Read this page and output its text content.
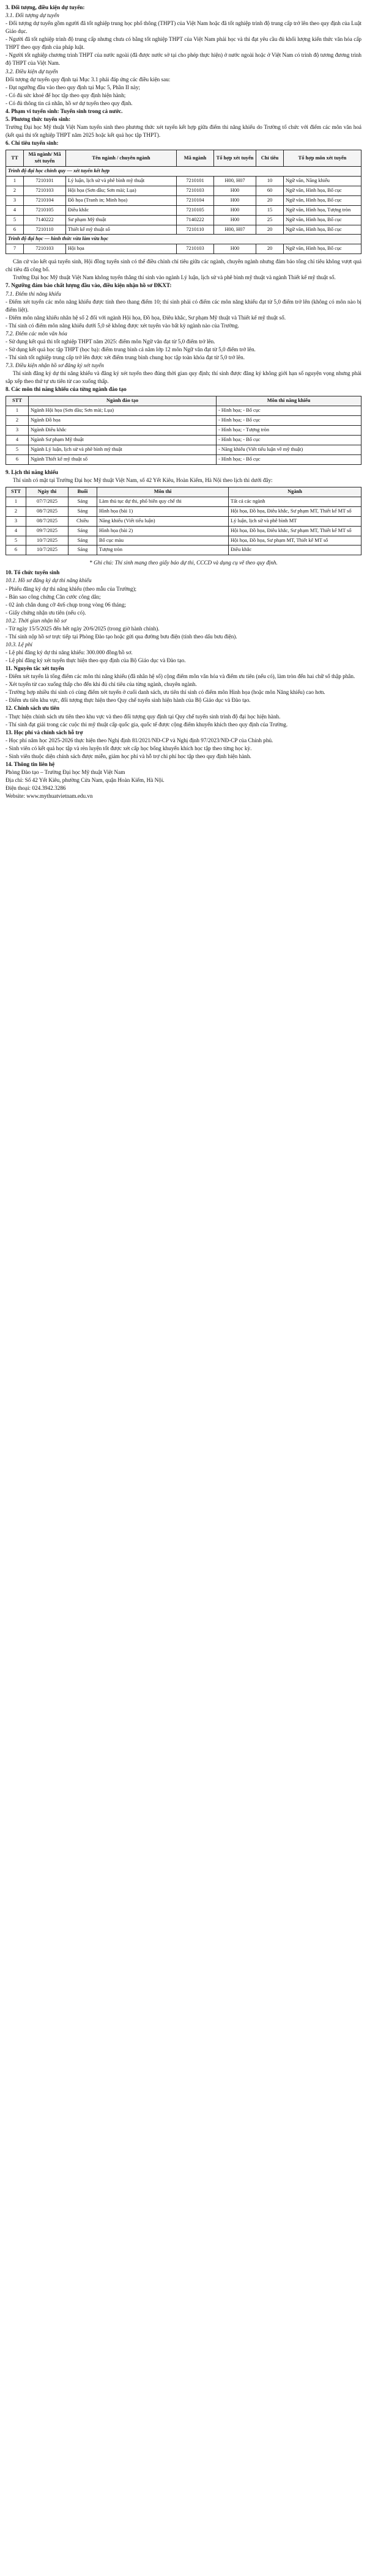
3. Đối tượng, điều kiện dự tuyển:

3.1. Đối tượng dự tuyển

- Đối tượng dự tuyển gồm người đã tốt nghiệp trung học phổ thông (THPT) của Việt Nam hoặc đã tốt nghiệp trình độ trung cấp trở lên theo quy định của Luật Giáo dục.

- Người đã tốt nghiệp trình độ trung cấp nhưng chưa có bằng tốt nghiệp THPT của Việt Nam phải học và thi đạt yêu cầu đủ khối lượng kiến thức văn hóa cấp THPT theo quy định của pháp luật.

- Người tốt nghiệp chương trình THPT của nước ngoài (đã được nước sở tại cho phép thực hiện) ở nước ngoài hoặc ở Việt Nam có trình độ tương đương trình độ THPT của Việt Nam.

3.2. Điều kiện dự tuyển

Đối tượng dự tuyển quy định tại Mục 3.1 phải đáp ứng các điều kiện sau:

- Đạt ngưỡng đầu vào theo quy định tại Mục 5, Phần II này;

- Có đủ sức khoẻ để học tập theo quy định hiện hành;

- Có đủ thông tin cá nhân, hồ sơ dự tuyển theo quy định.

4. Phạm vi tuyển sinh: Tuyển sinh trong cả nước.

5. Phương thức tuyển sinh:

Trường Đại học Mỹ thuật Việt Nam tuyển sinh theo phương thức xét tuyển kết hợp giữa điểm thi năng khiếu do Trường tổ chức với điểm các môn văn hoá (kết quả thi tốt nghiệp THPT năm 2025 hoặc kết quả học tập THPT).

6. Chỉ tiêu tuyển sinh:

TT	Mã ngành/ Mã xét tuyển	Tên ngành / chuyên ngành	Mã ngành	Tổ hợp xét tuyển	Chỉ tiêu	Tổ hợp môn xét tuyển
Trình độ đại học chính quy — xét tuyển kết hợp						
1	7210101	Lý luận, lịch sử và phê bình mỹ thuật	7210101	H00, H07	10	Ngữ văn, Năng khiếu
2	7210103	Hội họa (Sơn dầu; Sơn mài; Lụa)	7210103	H00	60	Ngữ văn, Hình họa, Bố cục
3	7210104	Đồ họa (Tranh in; Minh họa)	7210104	H00	20	Ngữ văn, Hình họa, Bố cục
4	7210105	Điêu khắc	7210105	H00	15	Ngữ văn, Hình họa, Tượng tròn
5	7140222	Sư phạm Mỹ thuật	7140222	H00	25	Ngữ văn, Hình họa, Bố cục
6	7210110	Thiết kế mỹ thuật số	7210110	H00, H07	20	Ngữ văn, Hình họa, Bố cục
Trình độ đại học — hình thức vừa làm vừa học						
7	7210103	Hội họa	7210103	H00	20	Ngữ văn, Hình họa, Bố cục

Căn cứ vào kết quả tuyển sinh, Hội đồng tuyển sinh có thể điều chỉnh chỉ tiêu giữa các ngành, chuyên ngành nhưng đảm bảo tổng chỉ tiêu không vượt quá chỉ tiêu đã công bố.

Trường Đại học Mỹ thuật Việt Nam không tuyển thẳng thí sinh vào ngành Lý luận, lịch sử và phê bình mỹ thuật và ngành Thiết kế mỹ thuật số.

7. Ngưỡng đảm bảo chất lượng đầu vào, điều kiện nhận hồ sơ ĐKXT:

7.1. Điểm thi năng khiếu

- Điểm xét tuyển các môn năng khiếu được tính theo thang điểm 10; thí sinh phải có điểm các môn năng khiếu đạt từ 5,0 điểm trở lên (không có môn nào bị điểm liệt).

- Điểm môn năng khiếu nhân hệ số 2 đối với ngành Hội họa, Đồ họa, Điêu khắc, Sư phạm Mỹ thuật và Thiết kế mỹ thuật số.

- Thí sinh có điểm môn năng khiếu dưới 5,0 sẽ không được xét tuyển vào bất kỳ ngành nào của Trường.

7.2. Điểm các môn văn hóa

- Sử dụng kết quả thi tốt nghiệp THPT năm 2025: điểm môn Ngữ văn đạt từ 5,0 điểm trở lên.

- Sử dụng kết quả học tập THPT (học bạ): điểm trung bình cả năm lớp 12 môn Ngữ văn đạt từ 5,0 điểm trở lên.

- Thí sinh tốt nghiệp trung cấp trở lên được xét điểm trung bình chung học tập toàn khóa đạt từ 5,0 trở lên.

7.3. Điều kiện nhận hồ sơ đăng ký xét tuyển

Thí sinh đăng ký dự thi năng khiếu và đăng ký xét tuyển theo đúng thời gian quy định; thí sinh được đăng ký không giới hạn số nguyện vọng nhưng phải sắp xếp theo thứ tự ưu tiên từ cao xuống thấp.

8. Các môn thi năng khiếu của từng ngành đào tạo

STT	Ngành đào tạo	Môn thi năng khiếu
1	Ngành Hội họa (Sơn dầu; Sơn mài; Lụa)	- Hình họa; - Bố cục
2	Ngành Đồ họa	- Hình họa; - Bố cục
3	Ngành Điêu khắc	- Hình họa; - Tượng tròn
4	Ngành Sư phạm Mỹ thuật	- Hình họa; - Bố cục
5	Ngành Lý luận, lịch sử và phê bình mỹ thuật	- Năng khiếu (Viết tiểu luận về mỹ thuật)
6	Ngành Thiết kế mỹ thuật số	- Hình họa; - Bố cục

9. Lịch thi năng khiếu

Thí sinh có mặt tại Trường Đại học Mỹ thuật Việt Nam, số 42 Yết Kiêu, Hoàn Kiếm, Hà Nội theo lịch thi dưới đây:

STT	Ngày thi	Buổi	Môn thi	Ngành
1	07/7/2025	Sáng	Làm thủ tục dự thi, phổ biến quy chế thi	Tất cả các ngành
2	08/7/2025	Sáng	Hình họa (bài 1)	Hội họa, Đồ họa, Điêu khắc, Sư phạm MT, Thiết kế MT số
3	08/7/2025	Chiều	Năng khiếu (Viết tiểu luận)	Lý luận, lịch sử và phê bình MT
4	09/7/2025	Sáng	Hình họa (bài 2)	Hội họa, Đồ họa, Điêu khắc, Sư phạm MT, Thiết kế MT số
5	10/7/2025	Sáng	Bố cục màu	Hội họa, Đồ họa, Sư phạm MT, Thiết kế MT số
6	10/7/2025	Sáng	Tượng tròn	Điêu khắc

* Ghi chú: Thí sinh mang theo giấy báo dự thi, CCCD và dụng cụ vẽ theo quy định.

10. Tổ chức tuyển sinh

10.1. Hồ sơ đăng ký dự thi năng khiếu

- Phiếu đăng ký dự thi năng khiếu (theo mẫu của Trường);

- Bản sao công chứng Căn cước công dân;

- 02 ảnh chân dung cỡ 4x6 chụp trong vòng 06 tháng;

- Giấy chứng nhận ưu tiên (nếu có).

10.2. Thời gian nhận hồ sơ

- Từ ngày 15/5/2025 đến hết ngày 20/6/2025 (trong giờ hành chính).

- Thí sinh nộp hồ sơ trực tiếp tại Phòng Đào tạo hoặc gửi qua đường bưu điện (tính theo dấu bưu điện).

10.3. Lệ phí

- Lệ phí đăng ký dự thi năng khiếu: 300.000 đồng/hồ sơ.

- Lệ phí đăng ký xét tuyển thực hiện theo quy định của Bộ Giáo dục và Đào tạo.

11. Nguyên tắc xét tuyển

- Điểm xét tuyển là tổng điểm các môn thi năng khiếu (đã nhân hệ số) cộng điểm môn văn hóa và điểm ưu tiên (nếu có), làm tròn đến hai chữ số thập phân.

- Xét tuyển từ cao xuống thấp cho đến khi đủ chỉ tiêu của từng ngành, chuyên ngành.

- Trường hợp nhiều thí sinh có cùng điểm xét tuyển ở cuối danh sách, ưu tiên thí sinh có điểm môn Hình họa (hoặc môn Năng khiếu) cao hơn.

- Điểm ưu tiên khu vực, đối tượng thực hiện theo Quy chế tuyển sinh hiện hành của Bộ Giáo dục và Đào tạo.

12. Chính sách ưu tiên

- Thực hiện chính sách ưu tiên theo khu vực và theo đối tượng quy định tại Quy chế tuyển sinh trình độ đại học hiện hành.

- Thí sinh đạt giải trong các cuộc thi mỹ thuật cấp quốc gia, quốc tế được cộng điểm khuyến khích theo quy định của Trường.

13. Học phí và chính sách hỗ trợ

- Học phí năm học 2025-2026 thực hiện theo Nghị định 81/2021/NĐ-CP và Nghị định 97/2023/NĐ-CP của Chính phủ.

- Sinh viên có kết quả học tập và rèn luyện tốt được xét cấp học bổng khuyến khích học tập theo từng học kỳ.

- Sinh viên thuộc diện chính sách được miễn, giảm học phí và hỗ trợ chi phí học tập theo quy định hiện hành.

14. Thông tin liên hệ

Phòng Đào tạo – Trường Đại học Mỹ thuật Việt Nam

Địa chỉ: Số 42 Yết Kiêu, phường Cửa Nam, quận Hoàn Kiếm, Hà Nội.

Điện thoại: 024.3942.3286

Website: www.mythuatvietnam.edu.vn
